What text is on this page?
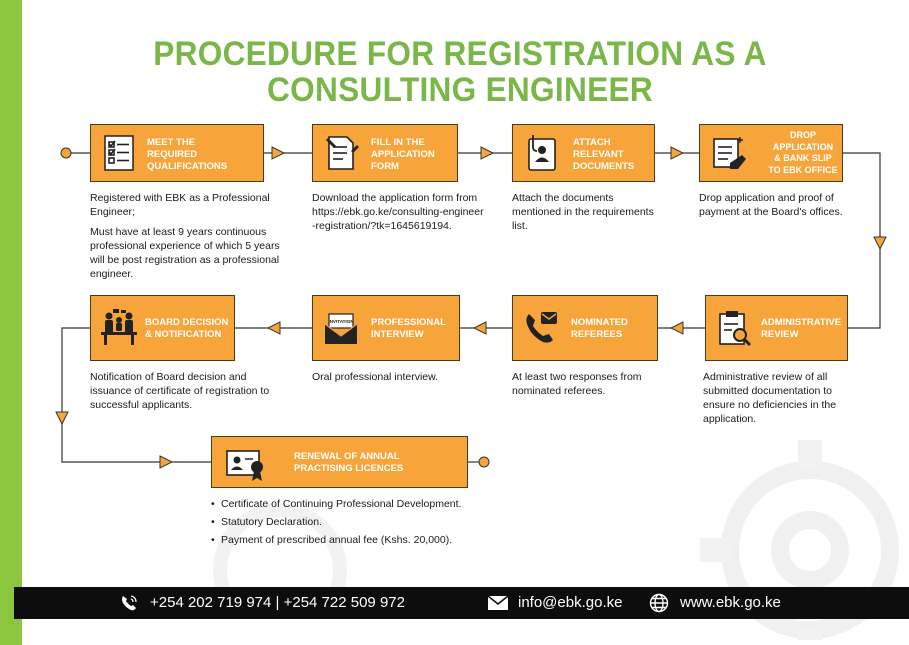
PROCEDURE FOR REGISTRATION AS A
CONSULTING ENGINEER
MEET THE
REQUIRED
QUALIFICATIONS

Registered with EBK as a Professional Engineer;

Must have at least 9 years continuous professional experience of which 5 years will be post registration as a professional engineer.

FILL IN THE
APPLICATION
FORM

Download the application form from https://ebk.go.ke/consulting-engineer-registration/?tk=1645619194.

ATTACH
RELEVANT
DOCUMENTS

Attach the documents mentioned in the requirements list.

DROP
APPLICATION
& BANK SLIP
TO EBK OFFICE

Drop application and proof of payment at the Board's offices.

ADMINISTRATIVE
REVIEW

Administrative review of all submitted documentation to ensure no deficiencies in the application.

NOMINATED
REFEREES

At least two responses from nominated referees.

INVITATION PROFESSIONAL
INTERVIEW

Oral professional interview.

BOARD DECISION
& NOTIFICATION

Notification of Board decision and issuance of certificate of registration to successful applicants.

RENEWAL OF ANNUAL
PRACTISING LICENCES
• Certificate of Continuing Professional Development.
• Statutory Declaration.
• Payment of prescribed annual fee (Kshs. 20,000).
+254 202 719 974 | +254 722 509 972	info@ebk.go.ke	www.ebk.go.ke
